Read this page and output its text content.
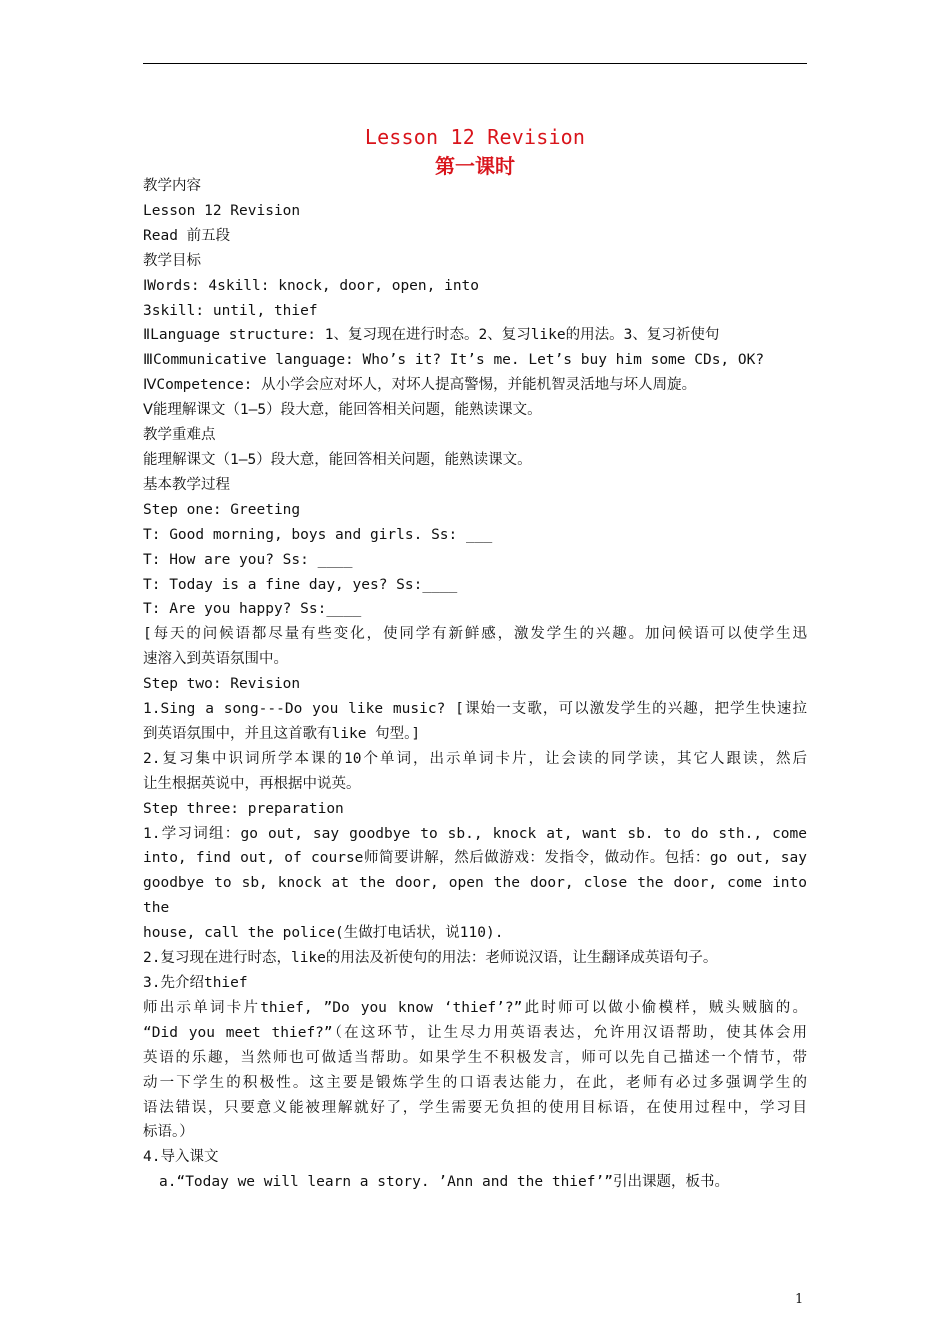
Lesson 12 Revision
第一课时
教学内容
Lesson 12 Revision
Read 前五段
教学目标
ⅠWords: 4skill: knock, door, open, into
3skill: until, thief
ⅡLanguage structure: 1、复习现在进行时态。2、复习like的用法。3、复习祈使句
ⅢCommunicative language: Who’s it? It’s me. Let’s buy him some CDs, OK?
ⅣCompetence: 从小学会应对坏人，对坏人提高警惕，并能机智灵活地与坏人周旋。
Ⅴ能理解课文（1—5）段大意，能回答相关问题，能熟读课文。
教学重难点
能理解课文（1—5）段大意，能回答相关问题，能熟读课文。
基本教学过程
Step one: Greeting
T: Good morning, boys and girls. Ss: ___
T: How are you? Ss: ____
T: Today is a fine day, yes? Ss:____
T: Are you happy? Ss:____
[每天的问候语都尽量有些变化，使同学有新鲜感，激发学生的兴趣。加问候语可以使学生迅
速溶入到英语氛围中。
Step two: Revision
1.Sing a song---Do you like music? [课始一支歌，可以激发学生的兴趣，把学生快速拉
到英语氛围中，并且这首歌有like 句型。]
2.复习集中识词所学本课的10个单词，出示单词卡片，让会读的同学读，其它人跟读，然后
让生根据英说中，再根据中说英。
Step three: preparation
1.学习词组：go out, say goodbye to sb., knock at, want sb. to do sth., come
into, find out, of course师简要讲解，然后做游戏：发指令，做动作。包括：go out, say
goodbye to sb, knock at the door, open the door, close the door, come into the
house, call the police(生做打电话状，说110).
2.复习现在进行时态，like的用法及祈使句的用法：老师说汉语，让生翻译成英语句子。
3.先介绍thief
师出示单词卡片thief, ”Do you know ‘thief’?”此时师可以做小偷模样，贼头贼脑的。
“Did you meet thief?”（在这环节，让生尽力用英语表达，允许用汉语帮助，使其体会用
英语的乐趣，当然师也可做适当帮助。如果学生不积极发言，师可以先自己描述一个情节，带
动一下学生的积极性。这主要是锻炼学生的口语表达能力，在此，老师有必过多强调学生的
语法错误，只要意义能被理解就好了，学生需要无负担的使用目标语，在使用过程中，学习目
标语。）
4.导入课文
a.“Today we will learn a story. ’Ann and the thief’”引出课题，板书。
1
